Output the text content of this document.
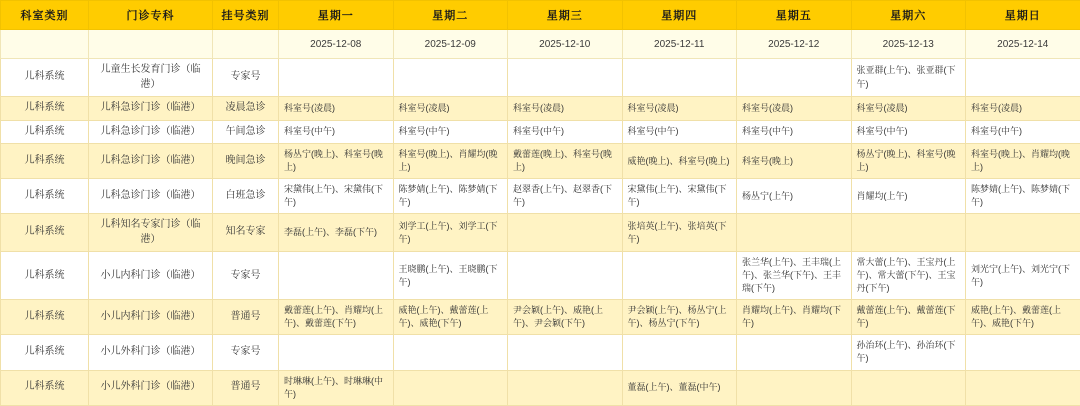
科室类别	门诊专科	挂号类别	星期一	星期二	星期三	星期四	星期五	星期六	星期日
			2025-12-08	2025-12-09	2025-12-10	2025-12-11	2025-12-12	2025-12-13	2025-12-14
儿科系统	儿童生长发育门诊（临港）	专家号						张亚群(上午)、张亚群(下午)	
儿科系统	儿科急诊门诊（临港）	凌晨急诊	科室号(凌晨)	科室号(凌晨)	科室号(凌晨)	科室号(凌晨)	科室号(凌晨)	科室号(凌晨)	科室号(凌晨)
儿科系统	儿科急诊门诊（临港）	午间急诊	科室号(中午)	科室号(中午)	科室号(中午)	科室号(中午)	科室号(中午)	科室号(中午)	科室号(中午)
儿科系统	儿科急诊门诊（临港）	晚间急诊	杨丛宁(晚上)、科室号(晚上)	科室号(晚上)、肖耀均(晚上)	戴蕾莲(晚上)、科室号(晚上)	威艳(晚上)、科室号(晚上)	科室号(晚上)	杨丛宁(晚上)、科室号(晚上)	科室号(晚上)、肖耀均(晚上)
儿科系统	儿科急诊门诊（临港）	白班急诊	宋黛伟(上午)、宋黛伟(下午)	陈梦婧(上午)、陈梦婧(下午)	赵翠香(上午)、赵翠香(下午)	宋黛伟(上午)、宋黛伟(下午)	杨丛宁(上午)	肖耀均(上午)	陈梦婧(上午)、陈梦婧(下午)
儿科系统	儿科知名专家门诊（临港）	知名专家	李磊(上午)、李磊(下午)	刘学工(上午)、刘学工(下午)		张培英(上午)、张培英(下午)			
儿科系统	小儿内科门诊（临港）	专家号		王晓鹏(上午)、王晓鹏(下午)			张兰华(上午)、王丰瑞(上午)、张兰华(下午)、王丰瑞(下午)	常大蕾(上午)、王宝丹(上午)、常大蕾(下午)、王宝丹(下午)	刘光宁(上午)、刘光宁(下午)
儿科系统	小儿内科门诊（临港）	普通号	戴蕾莲(上午)、肖耀均(上午)、戴蕾莲(下午)	威艳(上午)、戴蕾莲(上午)、威艳(下午)	尹会颖(上午)、威艳(上午)、尹会颖(下午)	尹会颖(上午)、杨丛宁(上午)、杨丛宁(下午)	肖耀均(上午)、肖耀均(下午)	戴蕾莲(上午)、戴蕾莲(下午)	威艳(上午)、戴蕾莲(上午)、威艳(下午)
儿科系统	小儿外科门诊（临港）	专家号						孙治环(上午)、孙治环(下午)	
儿科系统	小儿外科门诊（临港）	普通号	时琳琳(上午)、时琳琳(中午)			董磊(上午)、董磊(中午)			
